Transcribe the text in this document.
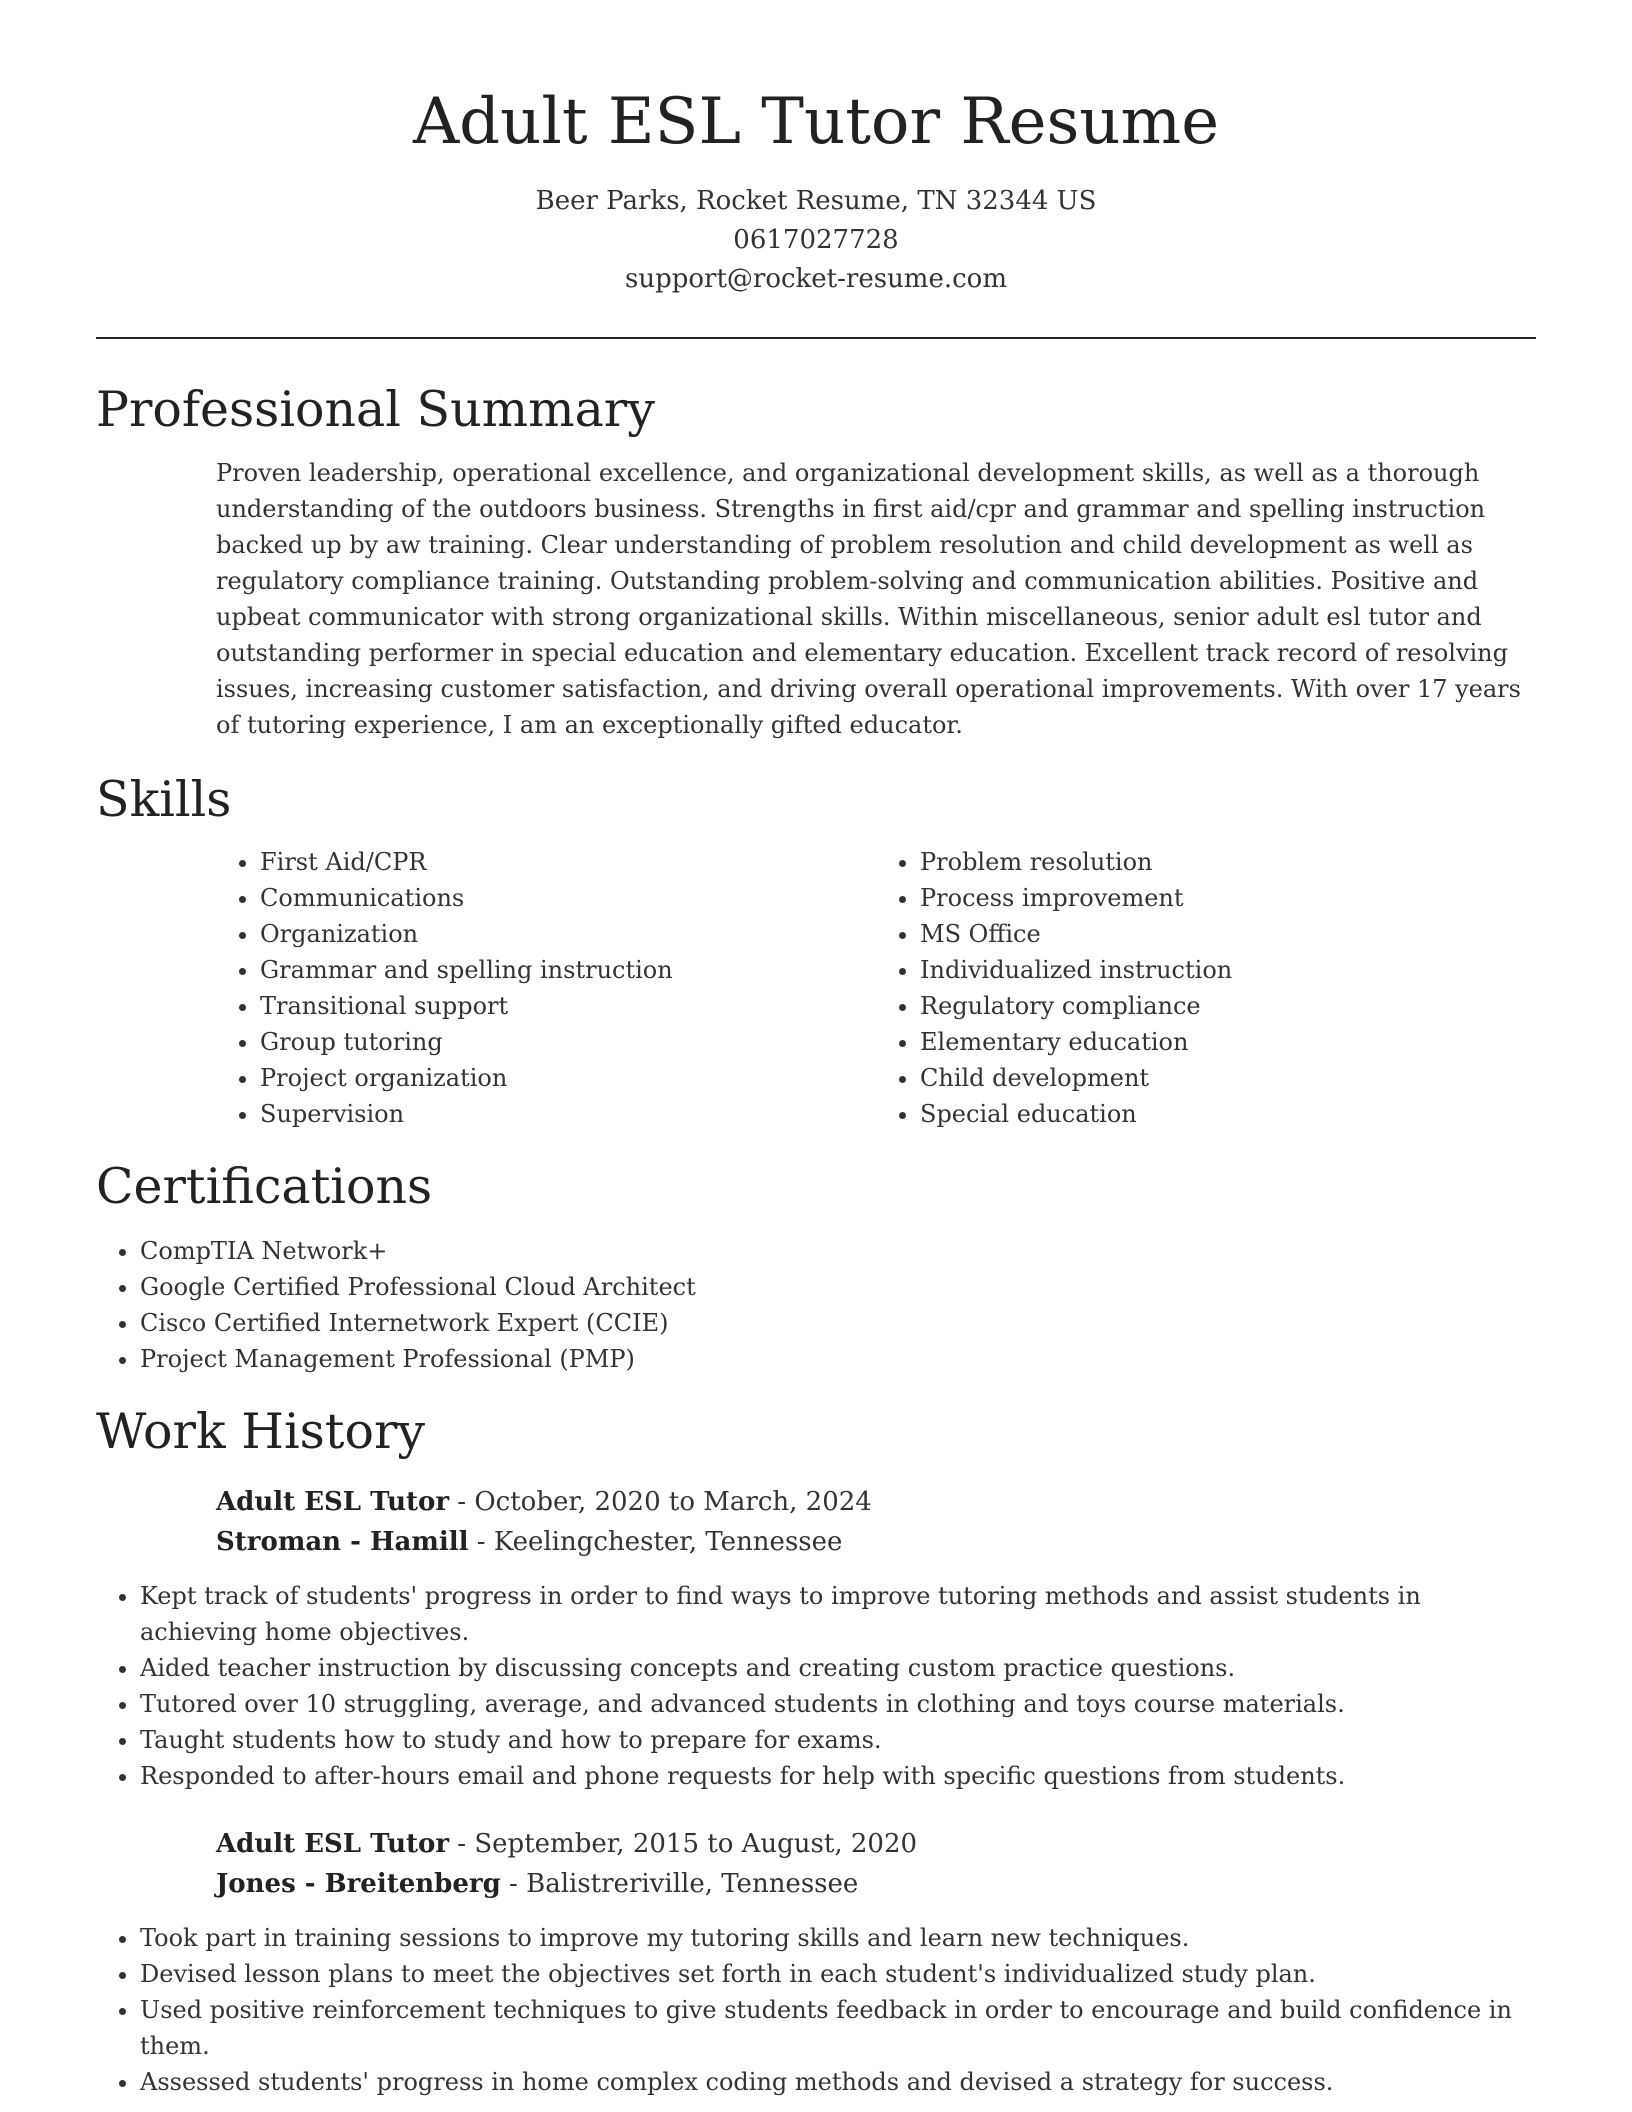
Adult ESL Tutor Resume
Beer Parks, Rocket Resume, TN 32344 US
0617027728
support@rocket-resume.com
Professional Summary
Proven leadership, operational excellence, and organizational development skills, as well as a thorough understanding of the outdoors business. Strengths in first aid/cpr and grammar and spelling instruction backed up by aw training. Clear understanding of problem resolution and child development as well as regulatory compliance training. Outstanding problem-solving and communication abilities. Positive and upbeat communicator with strong organizational skills. Within miscellaneous, senior adult esl tutor and outstanding performer in special education and elementary education. Excellent track record of resolving issues, increasing customer satisfaction, and driving overall operational improvements. With over 17 years of tutoring experience, I am an exceptionally gifted educator.
Skills
• First Aid/CPR
• Communications
• Organization
• Grammar and spelling instruction
• Transitional support
• Group tutoring
• Project organization
• Supervision
• Problem resolution
• Process improvement
• MS Office
• Individualized instruction
• Regulatory compliance
• Elementary education
• Child development
• Special education
Certifications
• CompTIA Network+
• Google Certified Professional Cloud Architect
• Cisco Certified Internetwork Expert (CCIE)
• Project Management Professional (PMP)
Work History
Adult ESL Tutor - October, 2020 to March, 2024
Stroman - Hamill - Keelingchester, Tennessee
• Kept track of students' progress in order to find ways to improve tutoring methods and assist students in achieving home objectives.
• Aided teacher instruction by discussing concepts and creating custom practice questions.
• Tutored over 10 struggling, average, and advanced students in clothing and toys course materials.
• Taught students how to study and how to prepare for exams.
• Responded to after-hours email and phone requests for help with specific questions from students.
Adult ESL Tutor - September, 2015 to August, 2020
Jones - Breitenberg - Balistreriville, Tennessee
• Took part in training sessions to improve my tutoring skills and learn new techniques.
• Devised lesson plans to meet the objectives set forth in each student's individualized study plan.
• Used positive reinforcement techniques to give students feedback in order to encourage and build confidence in them.
• Assessed students' progress in home complex coding methods and devised a strategy for success.
